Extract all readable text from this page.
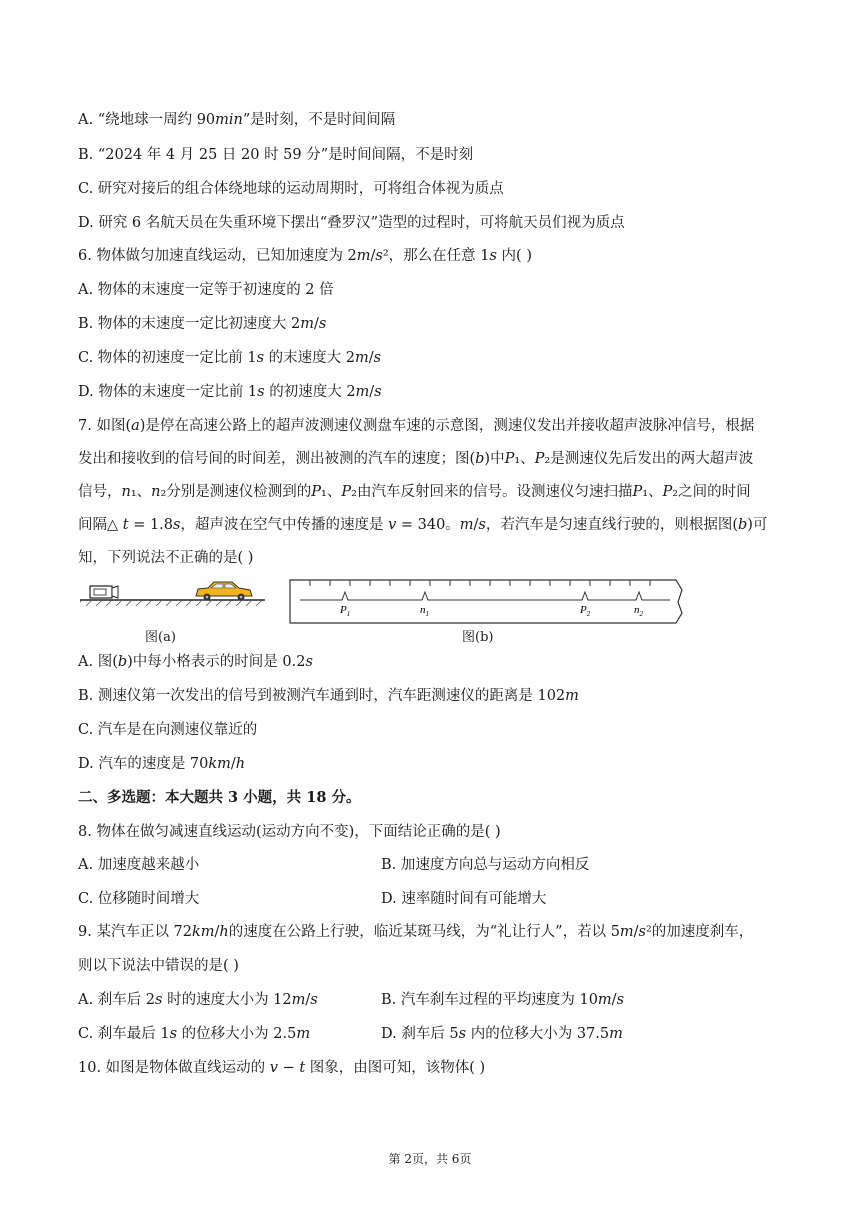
A. “绕地球一周约 90𝑚𝑖𝑛”是时刻，不是时间间隔
B. “2024 年 4 月 25 日 20 时 59 分”是时间间隔，不是时刻
C. 研究对接后的组合体绕地球的运动周期时，可将组合体视为质点
D. 研究 6 名航天员在失重环境下摆出“叠罗汉”造型的过程时，可将航天员们视为质点
6. 物体做匀加速直线运动，已知加速度为 2𝑚/𝑠²，那么在任意 1𝑠 内( )
A. 物体的末速度一定等于初速度的 2 倍
B. 物体的末速度一定比初速度大 2𝑚/𝑠
C. 物体的初速度一定比前 1𝑠 的末速度大 2𝑚/𝑠
D. 物体的末速度一定比前 1𝑠 的初速度大 2𝑚/𝑠
7. 如图(𝑎)是停在高速公路上的超声波测速仪测盘车速的示意图，测速仪发出并接收超声波脉冲信号，根据
发出和接收到的信号间的时间差，测出被测的汽车的速度；图(𝑏)中𝑃₁、𝑃₂是测速仪先后发出的两大超声波
信号，𝑛₁、𝑛₂分别是测速仪检测到的𝑃₁、𝑃₂由汽车反射回来的信号。设测速仪匀速扫描𝑃₁、𝑃₂之间的时间
间隔△ 𝑡 = 1.8𝑠，超声波在空气中传播的速度是 𝑣 = 340。𝑚/𝑠，若汽车是匀速直线行驶的，则根据图(𝑏)可
知，下列说法不正确的是( )
$P_1$	$n_1$	$P_2$	$n_2$
图(a)	图(b)
A. 图(𝑏)中每小格表示的时间是 0.2𝑠
B. 测速仪第一次发出的信号到被测汽车通到时，汽车距测速仪的距离是 102𝑚
C. 汽车是在向测速仪靠近的
D. 汽车的速度是 70𝑘𝑚/ℎ
二、多选题：本大题共 3 小题，共 18 分。
8. 物体在做匀减速直线运动(运动方向不变)，下面结论正确的是( )
A. 加速度越来越小	B. 加速度方向总与运动方向相反
C. 位移随时间增大	D. 速率随时间有可能增大
9. 某汽车正以 72𝑘𝑚/ℎ的速度在公路上行驶，临近某斑马线，为“礼让行人”，若以 5𝑚/𝑠²的加速度刹车，
则以下说法中错误的是( )
A. 刹车后 2𝑠 时的速度大小为 12𝑚/𝑠	B. 汽车刹车过程的平均速度为 10𝑚/𝑠
C. 刹车最后 1𝑠 的位移大小为 2.5𝑚	D. 刹车后 5𝑠 内的位移大小为 37.5𝑚
10. 如图是物体做直线运动的 𝑣 − 𝑡 图象，由图可知，该物体( )
第 2页，共 6页
